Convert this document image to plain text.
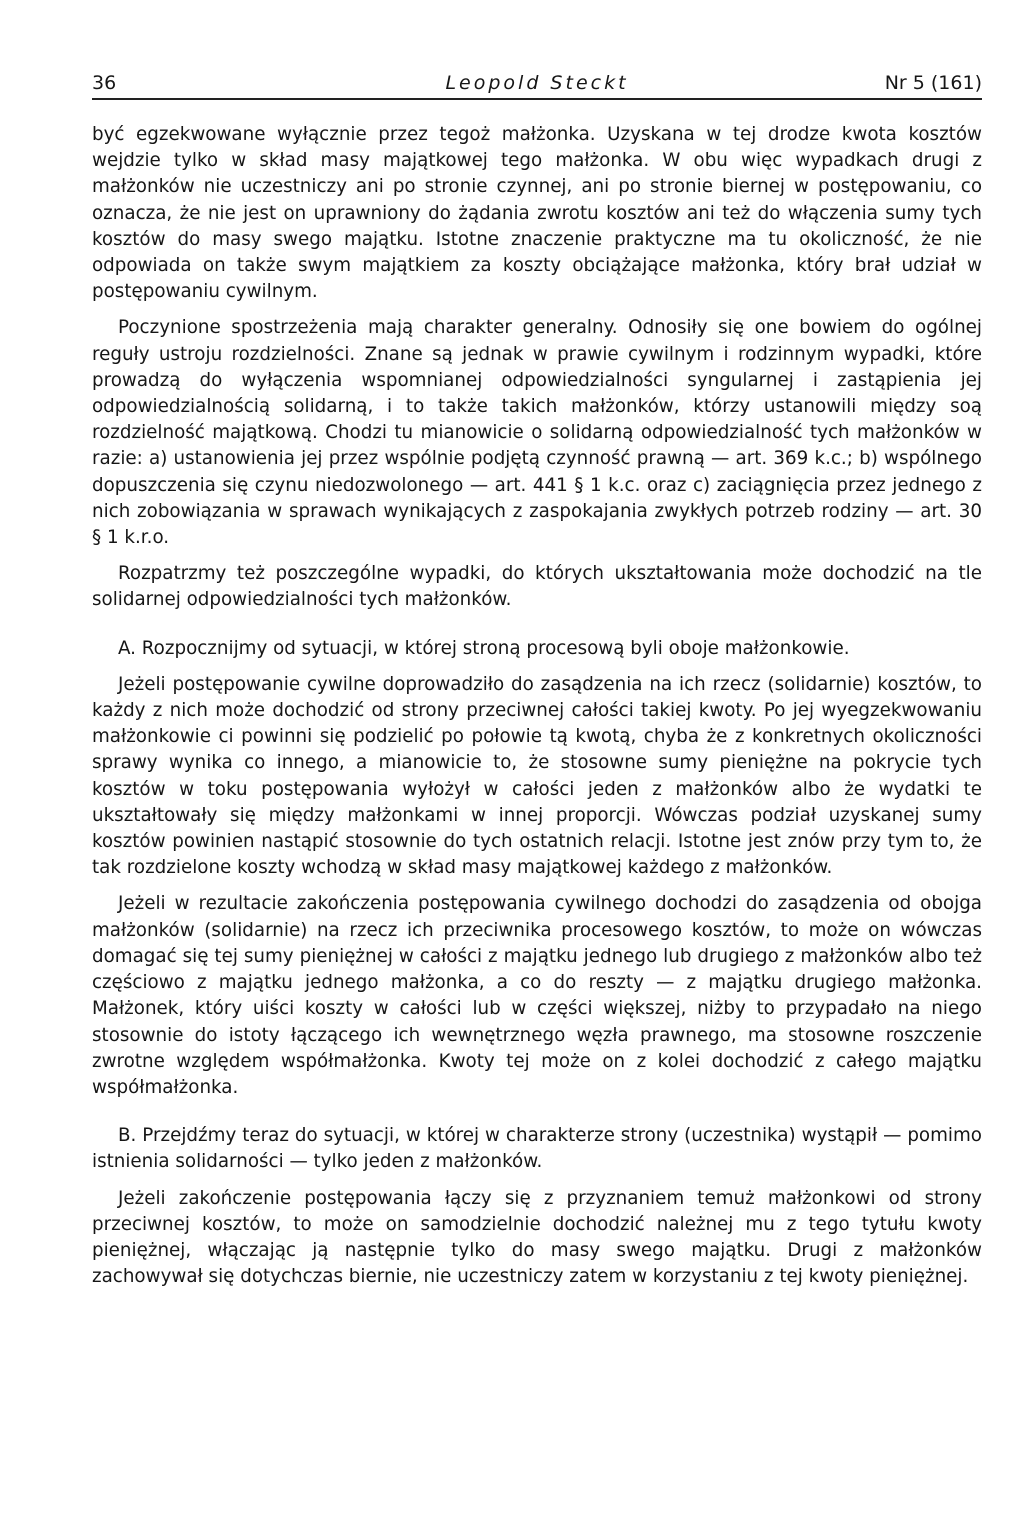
36	Leopold Steckt	Nr 5 (161)

być egzekwowane wyłącznie przez tegoż małżonka. Uzyskana w tej drodze kwota kosztów wejdzie tylko w skład masy majątkowej tego małżonka. W obu więc wypadkach drugi z małżonków nie uczestniczy ani po stronie czynnej, ani po stronie biernej w postępowaniu, co oznacza, że nie jest on uprawniony do żądania zwrotu kosztów ani też do włączenia sumy tych kosztów do masy swego majątku. Istotne znaczenie praktyczne ma tu okoliczność, że nie odpowiada on także swym majątkiem za koszty obciążające małżonka, który brał udział w postępowaniu cywilnym.

Poczynione spostrzeżenia mają charakter generalny. Odnosiły się one bowiem do ogólnej reguły ustroju rozdzielności. Znane są jednak w prawie cywilnym i rodzinnym wypadki, które prowadzą do wyłączenia wspomnianej odpowiedzialności syngularnej i zastąpienia jej odpowiedzialnością solidarną, i to także takich małżonków, którzy ustanowili między soą rozdzielność majątkową. Chodzi tu mianowicie o solidarną odpowiedzialność tych małżonków w razie: a) ustanowienia jej przez wspólnie podjętą czynność prawną — art. 369 k.c.; b) wspólnego dopuszczenia się czynu niedozwolonego — art. 441 § 1 k.c. oraz c) zaciągnięcia przez jednego z nich zobowiązania w sprawach wynikających z zaspokajania zwykłych potrzeb rodziny — art. 30 § 1 k.r.o.

Rozpatrzmy też poszczególne wypadki, do których ukształtowania może dochodzić na tle solidarnej odpowiedzialności tych małżonków.

A. Rozpocznijmy od sytuacji, w której stroną procesową byli oboje małżonkowie.

Jeżeli postępowanie cywilne doprowadziło do zasądzenia na ich rzecz (solidarnie) kosztów, to każdy z nich może dochodzić od strony przeciwnej całości takiej kwoty. Po jej wyegzekwowaniu małżonkowie ci powinni się podzielić po połowie tą kwotą, chyba że z konkretnych okoliczności sprawy wynika co innego, a mianowicie to, że stosowne sumy pieniężne na pokrycie tych kosztów w toku postępowania wyłożył w całości jeden z małżonków albo że wydatki te ukształtowały się między małżonkami w innej proporcji. Wówczas podział uzyskanej sumy kosztów powinien nastąpić stosownie do tych ostatnich relacji. Istotne jest znów przy tym to, że tak rozdzielone koszty wchodzą w skład masy majątkowej każdego z małżonków.

Jeżeli w rezultacie zakończenia postępowania cywilnego dochodzi do zasądzenia od obojga małżonków (solidarnie) na rzecz ich przeciwnika procesowego kosztów, to może on wówczas domagać się tej sumy pieniężnej w całości z majątku jednego lub drugiego z małżonków albo też częściowo z majątku jednego małżonka, a co do reszty — z majątku drugiego małżonka. Małżonek, który uiści koszty w całości lub w części większej, niżby to przypadało na niego stosownie do istoty łączącego ich wewnętrznego węzła prawnego, ma stosowne roszczenie zwrotne względem współmałżonka. Kwoty tej może on z kolei dochodzić z całego majątku współmałżonka.

B. Przejdźmy teraz do sytuacji, w której w charakterze strony (uczestnika) wystąpił — pomimo istnienia solidarności — tylko jeden z małżonków.

Jeżeli zakończenie postępowania łączy się z przyznaniem temuż małżonkowi od strony przeciwnej kosztów, to może on samodzielnie dochodzić należnej mu z tego tytułu kwoty pieniężnej, włączając ją następnie tylko do masy swego majątku. Drugi z małżonków zachowywał się dotychczas biernie, nie uczestniczy zatem w korzystaniu z tej kwoty pieniężnej.
